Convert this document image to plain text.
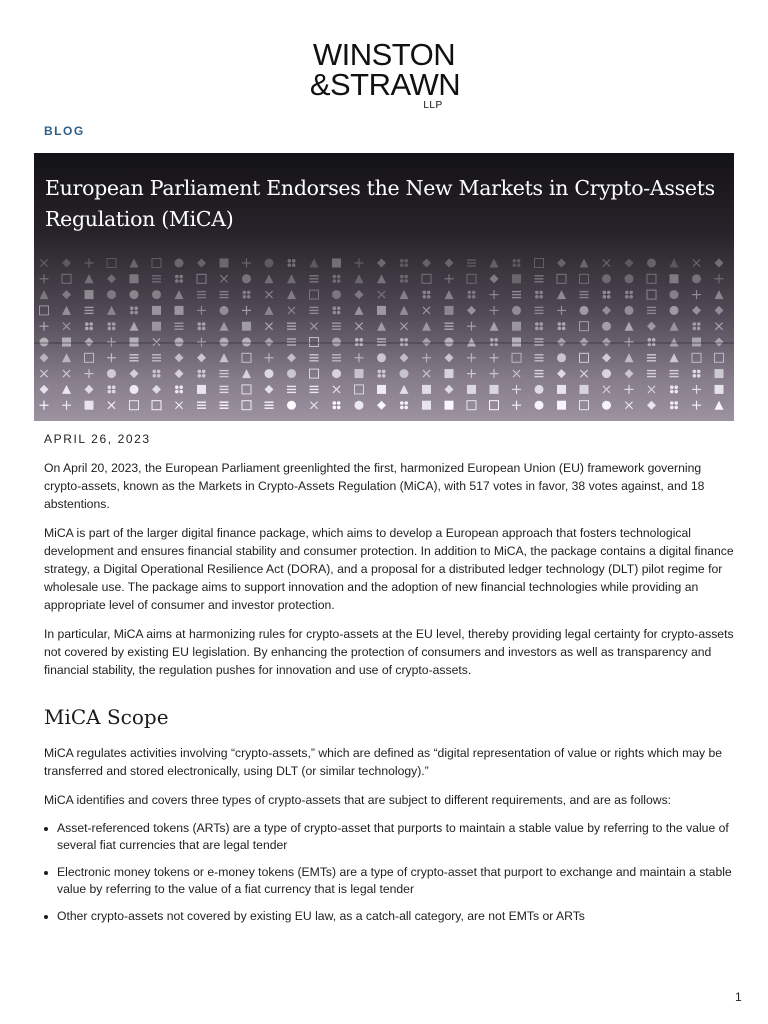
WINSTON
&STRAWN
LLP
BLOG
European Parliament Endorses the New Markets in Crypto-Assets Regulation (MiCA)
APRIL 26, 2023

On April 20, 2023, the European Parliament greenlighted the first, harmonized European Union (EU) framework governing crypto-assets, known as the Markets in Crypto-Assets Regulation (MiCA), with 517 votes in favor, 38 votes against, and 18 abstentions.

MiCA is part of the larger digital finance package, which aims to develop a European approach that fosters technological development and ensures financial stability and consumer protection. In addition to MiCA, the package contains a digital finance strategy, a Digital Operational Resilience Act (DORA), and a proposal for a distributed ledger technology (DLT) pilot regime for wholesale use. The package aims to support innovation and the adoption of new financial technologies while providing an appropriate level of consumer and investor protection.

In particular, MiCA aims at harmonizing rules for crypto-assets at the EU level, thereby providing legal certainty for crypto-assets not covered by existing EU legislation. By enhancing the protection of consumers and investors as well as transparency and financial stability, the regulation pushes for innovation and use of crypto-assets.

MiCA Scope

MiCA regulates activities involving “crypto-assets,” which are defined as “digital representation of value or rights which may be transferred and stored electronically, using DLT (or similar technology).”

MiCA identifies and covers three types of crypto-assets that are subject to different requirements, and are as follows:

Asset-referenced tokens (ARTs) are a type of crypto-asset that purports to maintain a stable value by referring to the value of several fiat currencies that are legal tender
Electronic money tokens or e-money tokens (EMTs) are a type of crypto-asset that purport to exchange and maintain a stable value by referring to the value of a fiat currency that is legal tender
Other crypto-assets not covered by existing EU law, as a catch-all category, are not EMTs or ARTs
1
